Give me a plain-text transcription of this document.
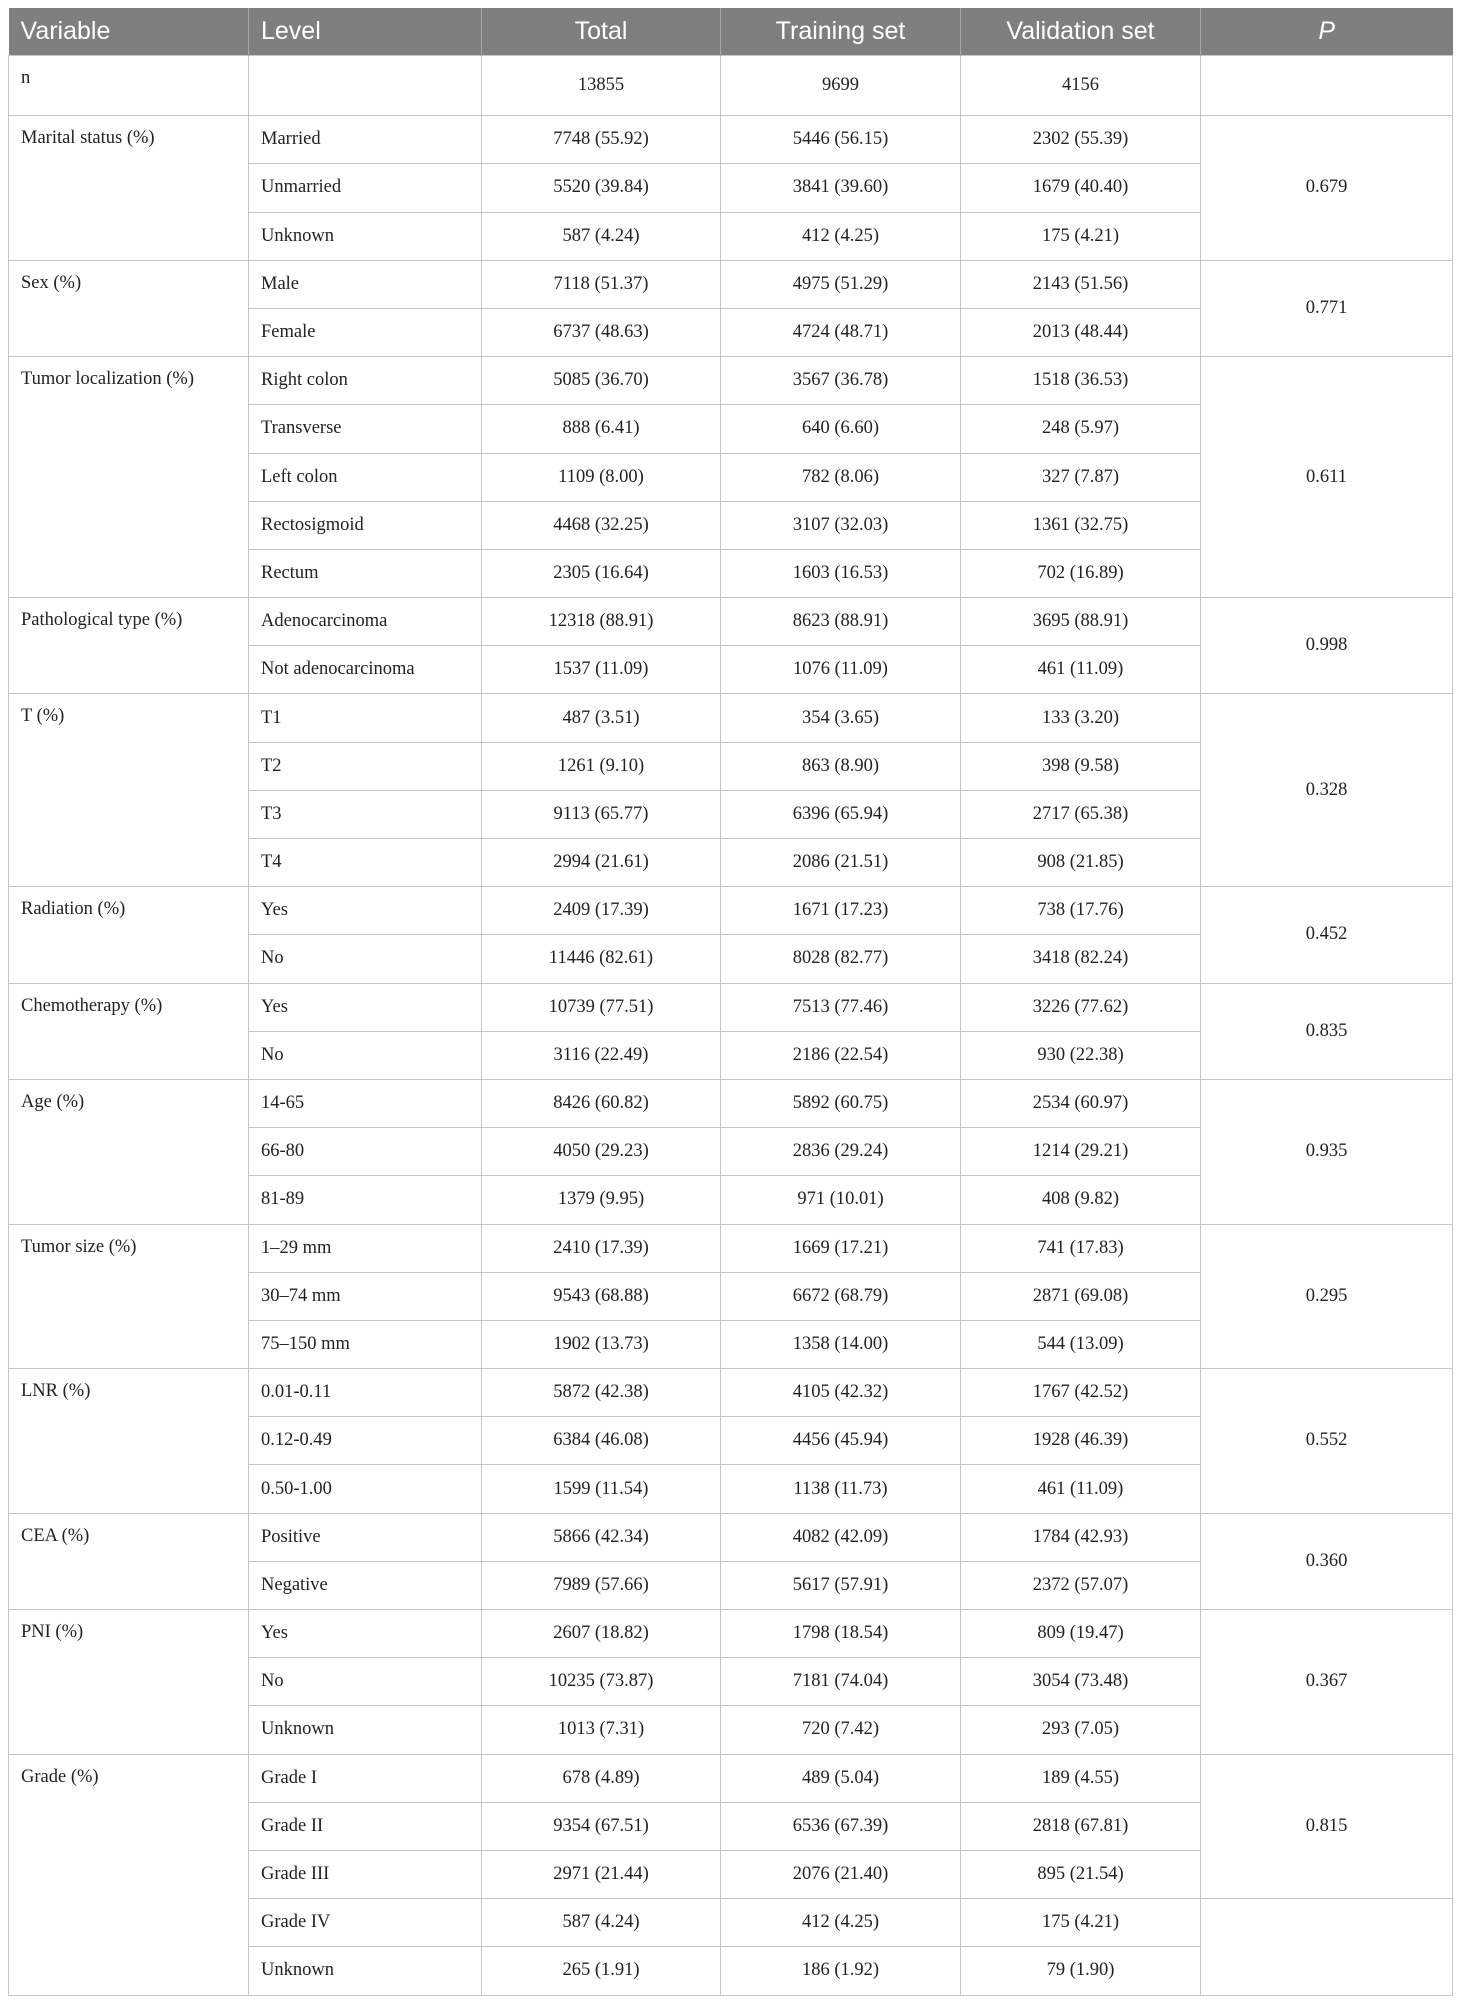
Variable	Level	Total	Training set	Validation set	P
n		13855	9699	4156	
Marital status (%)	Married	7748 (55.92)	5446 (56.15)	2302 (55.39)	0.679
	Unmarried	5520 (39.84)	3841 (39.60)	1679 (40.40)	
	Unknown	587 (4.24)	412 (4.25)	175 (4.21)	
Sex (%)	Male	7118 (51.37)	4975 (51.29)	2143 (51.56)	0.771
	Female	6737 (48.63)	4724 (48.71)	2013 (48.44)	
Tumor localization (%)	Right colon	5085 (36.70)	3567 (36.78)	1518 (36.53)	0.611
	Transverse	888 (6.41)	640 (6.60)	248 (5.97)	
	Left colon	1109 (8.00)	782 (8.06)	327 (7.87)	
	Rectosigmoid	4468 (32.25)	3107 (32.03)	1361 (32.75)	
	Rectum	2305 (16.64)	1603 (16.53)	702 (16.89)	
Pathological type (%)	Adenocarcinoma	12318 (88.91)	8623 (88.91)	3695 (88.91)	0.998
	Not adenocarcinoma	1537 (11.09)	1076 (11.09)	461 (11.09)	
T (%)	T1	487 (3.51)	354 (3.65)	133 (3.20)	0.328
	T2	1261 (9.10)	863 (8.90)	398 (9.58)	
	T3	9113 (65.77)	6396 (65.94)	2717 (65.38)	
	T4	2994 (21.61)	2086 (21.51)	908 (21.85)	
Radiation (%)	Yes	2409 (17.39)	1671 (17.23)	738 (17.76)	0.452
	No	11446 (82.61)	8028 (82.77)	3418 (82.24)	
Chemotherapy (%)	Yes	10739 (77.51)	7513 (77.46)	3226 (77.62)	0.835
	No	3116 (22.49)	2186 (22.54)	930 (22.38)	
Age (%)	14-65	8426 (60.82)	5892 (60.75)	2534 (60.97)	0.935
	66-80	4050 (29.23)	2836 (29.24)	1214 (29.21)	
	81-89	1379 (9.95)	971 (10.01)	408 (9.82)	
Tumor size (%)	1–29 mm	2410 (17.39)	1669 (17.21)	741 (17.83)	0.295
	30–74 mm	9543 (68.88)	6672 (68.79)	2871 (69.08)	
	75–150 mm	1902 (13.73)	1358 (14.00)	544 (13.09)	
LNR (%)	0.01-0.11	5872 (42.38)	4105 (42.32)	1767 (42.52)	0.552
	0.12-0.49	6384 (46.08)	4456 (45.94)	1928 (46.39)	
	0.50-1.00	1599 (11.54)	1138 (11.73)	461 (11.09)	
CEA (%)	Positive	5866 (42.34)	4082 (42.09)	1784 (42.93)	0.360
	Negative	7989 (57.66)	5617 (57.91)	2372 (57.07)	
PNI (%)	Yes	2607 (18.82)	1798 (18.54)	809 (19.47)	0.367
	No	10235 (73.87)	7181 (74.04)	3054 (73.48)	
	Unknown	1013 (7.31)	720 (7.42)	293 (7.05)	
Grade (%)	Grade I	678 (4.89)	489 (5.04)	189 (4.55)	0.815
	Grade II	9354 (67.51)	6536 (67.39)	2818 (67.81)	
	Grade III	2971 (21.44)	2076 (21.40)	895 (21.54)	
	Grade IV	587 (4.24)	412 (4.25)	175 (4.21)	
	Unknown	265 (1.91)	186 (1.92)	79 (1.90)	
